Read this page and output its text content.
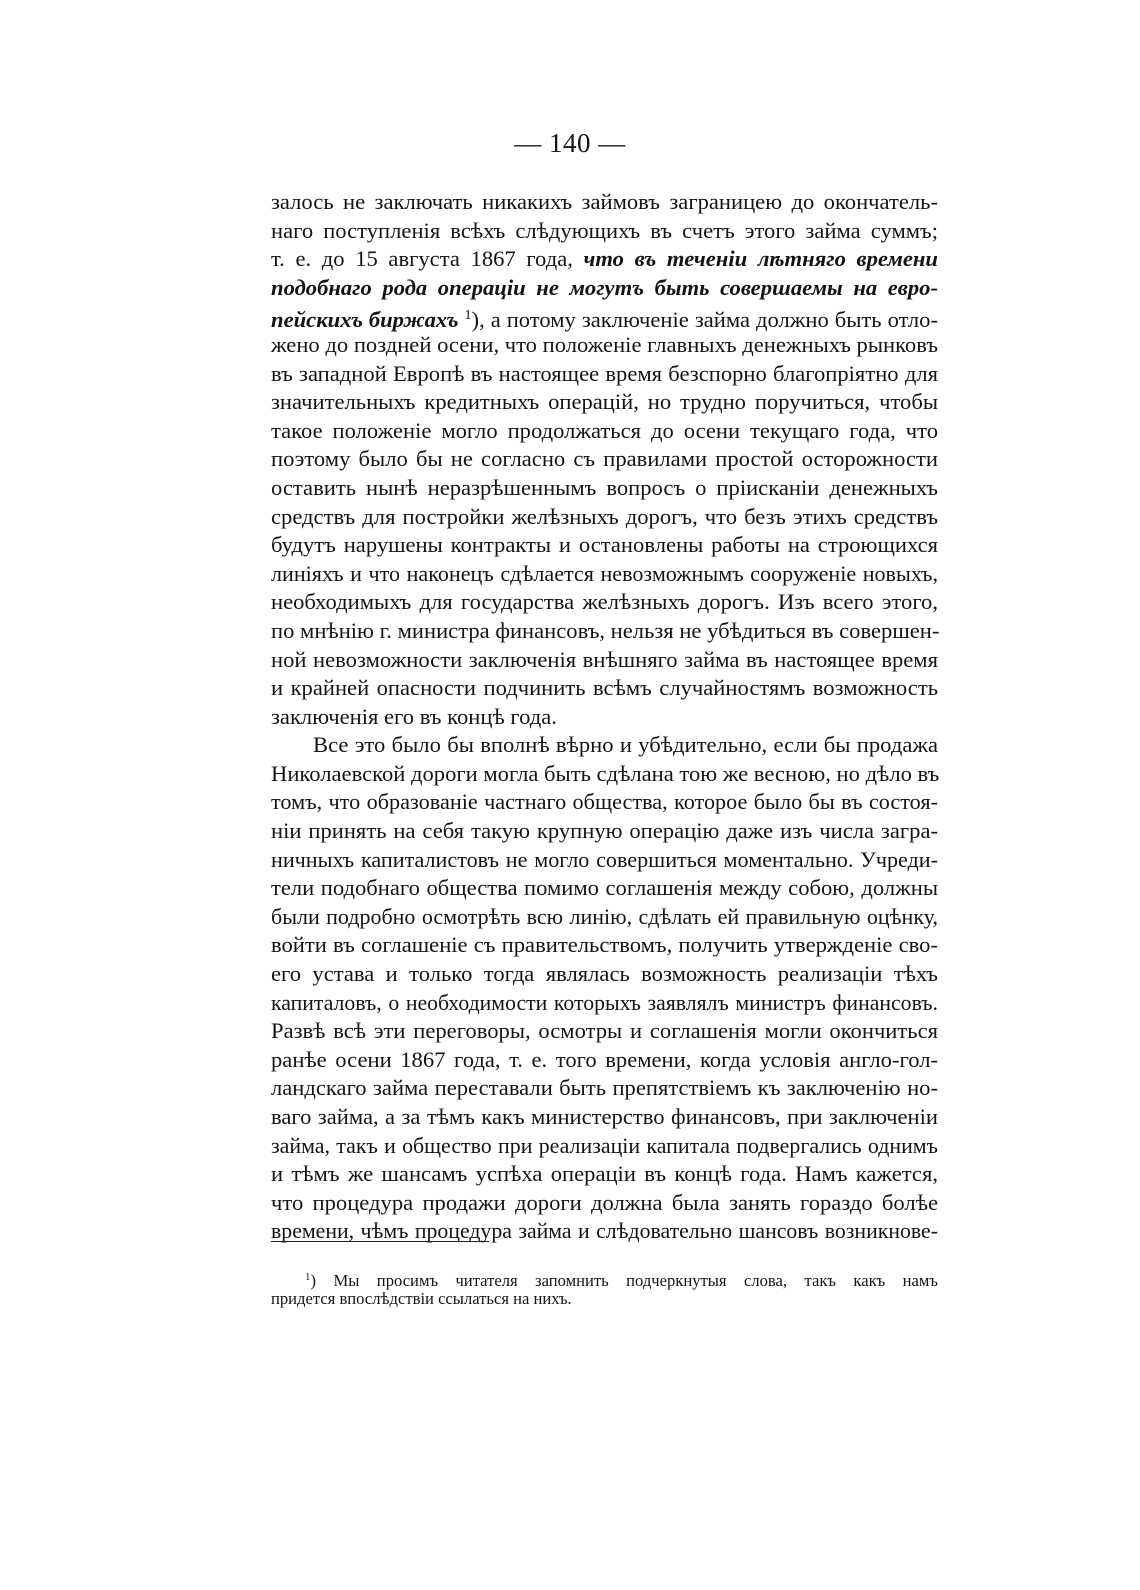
— 140 —
залось не заключать никакихъ займовъ заграницею до окончатель-
наго поступленія всѣхъ слѣдующихъ въ счетъ этого займа суммъ;
т. е. до 15 августа 1867 года, что въ теченіи лѣтняго времени
подобнаго рода операціи не могутъ быть совершаемы на евро-
пейскихъ биржахъ $^1$), а потому заключеніе займа должно быть отло-
жено до поздней осени, что положеніе главныхъ денежныхъ рынковъ
въ западной Европѣ въ настоящее время безспорно благопріятно для
значительныхъ кредитныхъ операцій, но трудно поручиться, чтобы
такое положеніе могло продолжаться до осени текущаго года, что
поэтому было бы не согласно съ правилами простой осторожности
оставить нынѣ неразрѣшеннымъ вопросъ о пріисканіи денежныхъ
средствъ для постройки желѣзныхъ дорогъ, что безъ этихъ средствъ
будутъ нарушены контракты и остановлены работы на строющихся
линіяхъ и что наконецъ сдѣлается невозможнымъ сооруженіе новыхъ,
необходимыхъ для государства желѣзныхъ дорогъ. Изъ всего этого,
по мнѣнію г. министра финансовъ, нельзя не убѣдиться въ совершен-
ной невозможности заключенія внѣшняго займа въ настоящее время
и крайней опасности подчинить всѣмъ случайностямъ возможность
заключенія его въ концѣ года.
Все это было бы вполнѣ вѣрно и убѣдительно, если бы продажа
Николаевской дороги могла быть сдѣлана тою же весною, но дѣло въ
томъ, что образованіе частнаго общества, которое было бы въ состоя-
ніи принять на себя такую крупную операцію даже изъ числа загра-
ничныхъ капиталистовъ не могло совершиться моментально. Учреди-
тели подобнаго общества помимо соглашенія между собою, должны
были подробно осмотрѣть всю линію, сдѣлать ей правильную оцѣнку,
войти въ соглашеніе съ правительствомъ, получить утвержденіе сво-
его устава и только тогда являлась возможность реализаціи тѣхъ
капиталовъ, о необходимости которыхъ заявлялъ министръ финансовъ.
Развѣ всѣ эти переговоры, осмотры и соглашенія могли окончиться
ранѣе осени 1867 года, т. е. того времени, когда условія англо-гол-
ландскаго займа переставали быть препятствіемъ къ заключенію но-
ваго займа, а за тѣмъ какъ министерство финансовъ, при заключеніи
займа, такъ и общество при реализаціи капитала подвергались однимъ
и тѣмъ же шансамъ успѣха операціи въ концѣ года. Намъ кажется,
что процедура продажи дороги должна была занять гораздо болѣе
времени, чѣмъ процедура займа и слѣдовательно шансовъ возникнове-
$^1$) Мы просимъ читателя запомнить подчеркнутыя слова, такъ какъ намъ
придется впослѣдствіи ссылаться на нихъ.
